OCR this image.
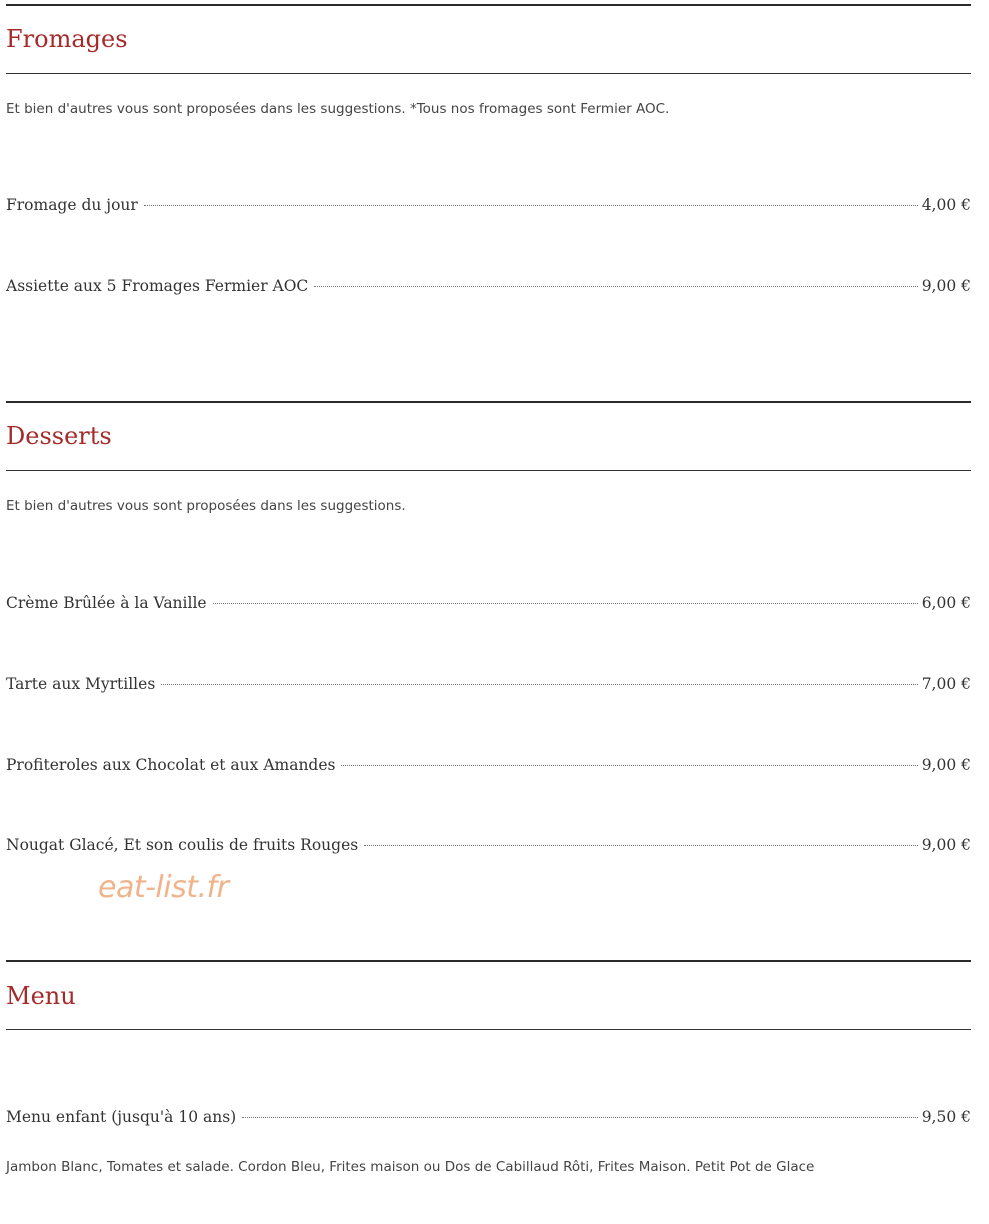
Fromages

Et bien d'autres vous sont proposées dans les suggestions. *Tous nos fromages sont Fermier AOC.

Fromage du jour	4,00 €
Assiette aux 5 Fromages Fermier AOC	9,00 €
Desserts

Et bien d'autres vous sont proposées dans les suggestions.

Crème Brûlée à la Vanille	6,00 €
Tarte aux Myrtilles	7,00 €
Profiteroles aux Chocolat et aux Amandes	9,00 €
Nougat Glacé, Et son coulis de fruits Rouges	9,00 €

eat-list.fr

Menu
Menu enfant (jusqu'à 10 ans)	9,50 €

Jambon Blanc, Tomates et salade. Cordon Bleu, Frites maison ou Dos de Cabillaud Rôti, Frites Maison. Petit Pot de Glace
